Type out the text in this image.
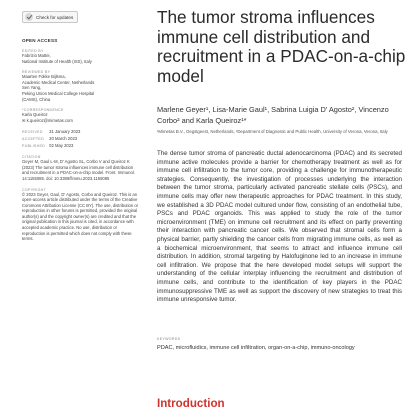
Check for updates
OPEN ACCESS
EDITED BY
Fabrizio Mattei,
National Institute of Health (ISS), Italy
REVIEWED BY
Maarten Fokke Bijlsma,
Academic Medical Center, Netherlands
Sen Yang,
Peking Union Medical College Hospital
(CAMS), China
*CORRESPONDENCE
Karla Queiroz
✉ k.queiroz@mimetas.com
RECEIVED 31 January 2023
ACCEPTED 20 March 2023
PUBLISHED 02 May 2023
CITATION
Geyer M, Gaul L-M, D' Agosto SL, Corbo V and Queiroz K (2023) The tumor stroma influences immune cell distribution and recruitment in a PDAC-on-a-chip model. Front. Immunol. 14:1155085. doi: 10.3389/fimmu.2023.1155085
COPYRIGHT
© 2023 Geyer, Gaul, D' Agosto, Corbo and Queiroz. This is an open-access article distributed under the terms of the Creative Commons Attribution License (CC BY). The use, distribution or reproduction in other forums is permitted, provided the original author(s) and the copyright owner(s) are credited and that the original publication in this journal is cited, in accordance with accepted academic practice. No use, distribution or reproduction is permitted which does not comply with these terms.
The tumor stroma influences immune cell distribution and recruitment in a PDAC-on-a-chip model
Marlene Geyer¹, Lisa-Marie Gaul¹, Sabrina Luigia D' Agosto², Vincenzo Corbo² and Karla Queiroz¹*
¹Mimetas B.V., Oegstgeest, Netherlands, ²Department of Diagnostic and Public Health, University of Verona, Verona, Italy

The dense tumor stroma of pancreatic ductal adenocarcinoma (PDAC) and its secreted immune active molecules provide a barrier for chemotherapy treatment as well as for immune cell infiltration to the tumor core, providing a challenge for immunotherapeutic strategies. Consequently, the investigation of processes underlying the interaction between the tumor stroma, particularly activated pancreatic stellate cells (PSCs), and immune cells may offer new therapeutic approaches for PDAC treatment. In this study, we established a 3D PDAC model cultured under flow, consisting of an endothelial tube, PSCs and PDAC organoids. This was applied to study the role of the tumor microenvironment (TME) on immune cell recruitment and its effect on partly preventing their interaction with pancreatic cancer cells. We observed that stromal cells form a physical barrier, partly shielding the cancer cells from migrating immune cells, as well as a biochemical microenvironment, that seems to attract and influence immune cell distribution. In addition, stromal targeting by Halofuginone led to an increase in immune cell infiltration. We propose that the here developed model setups will support the understanding of the cellular interplay influencing the recruitment and distribution of immune cells, and contribute to the identification of key players in the PDAC immunosuppressive TME as well as support the discovery of new strategies to treat this immune unresponsive tumor.

KEYWORDS
PDAC, microfluidics, immune cell infiltration, organ-on-a-chip, immuno-oncology
Introduction
